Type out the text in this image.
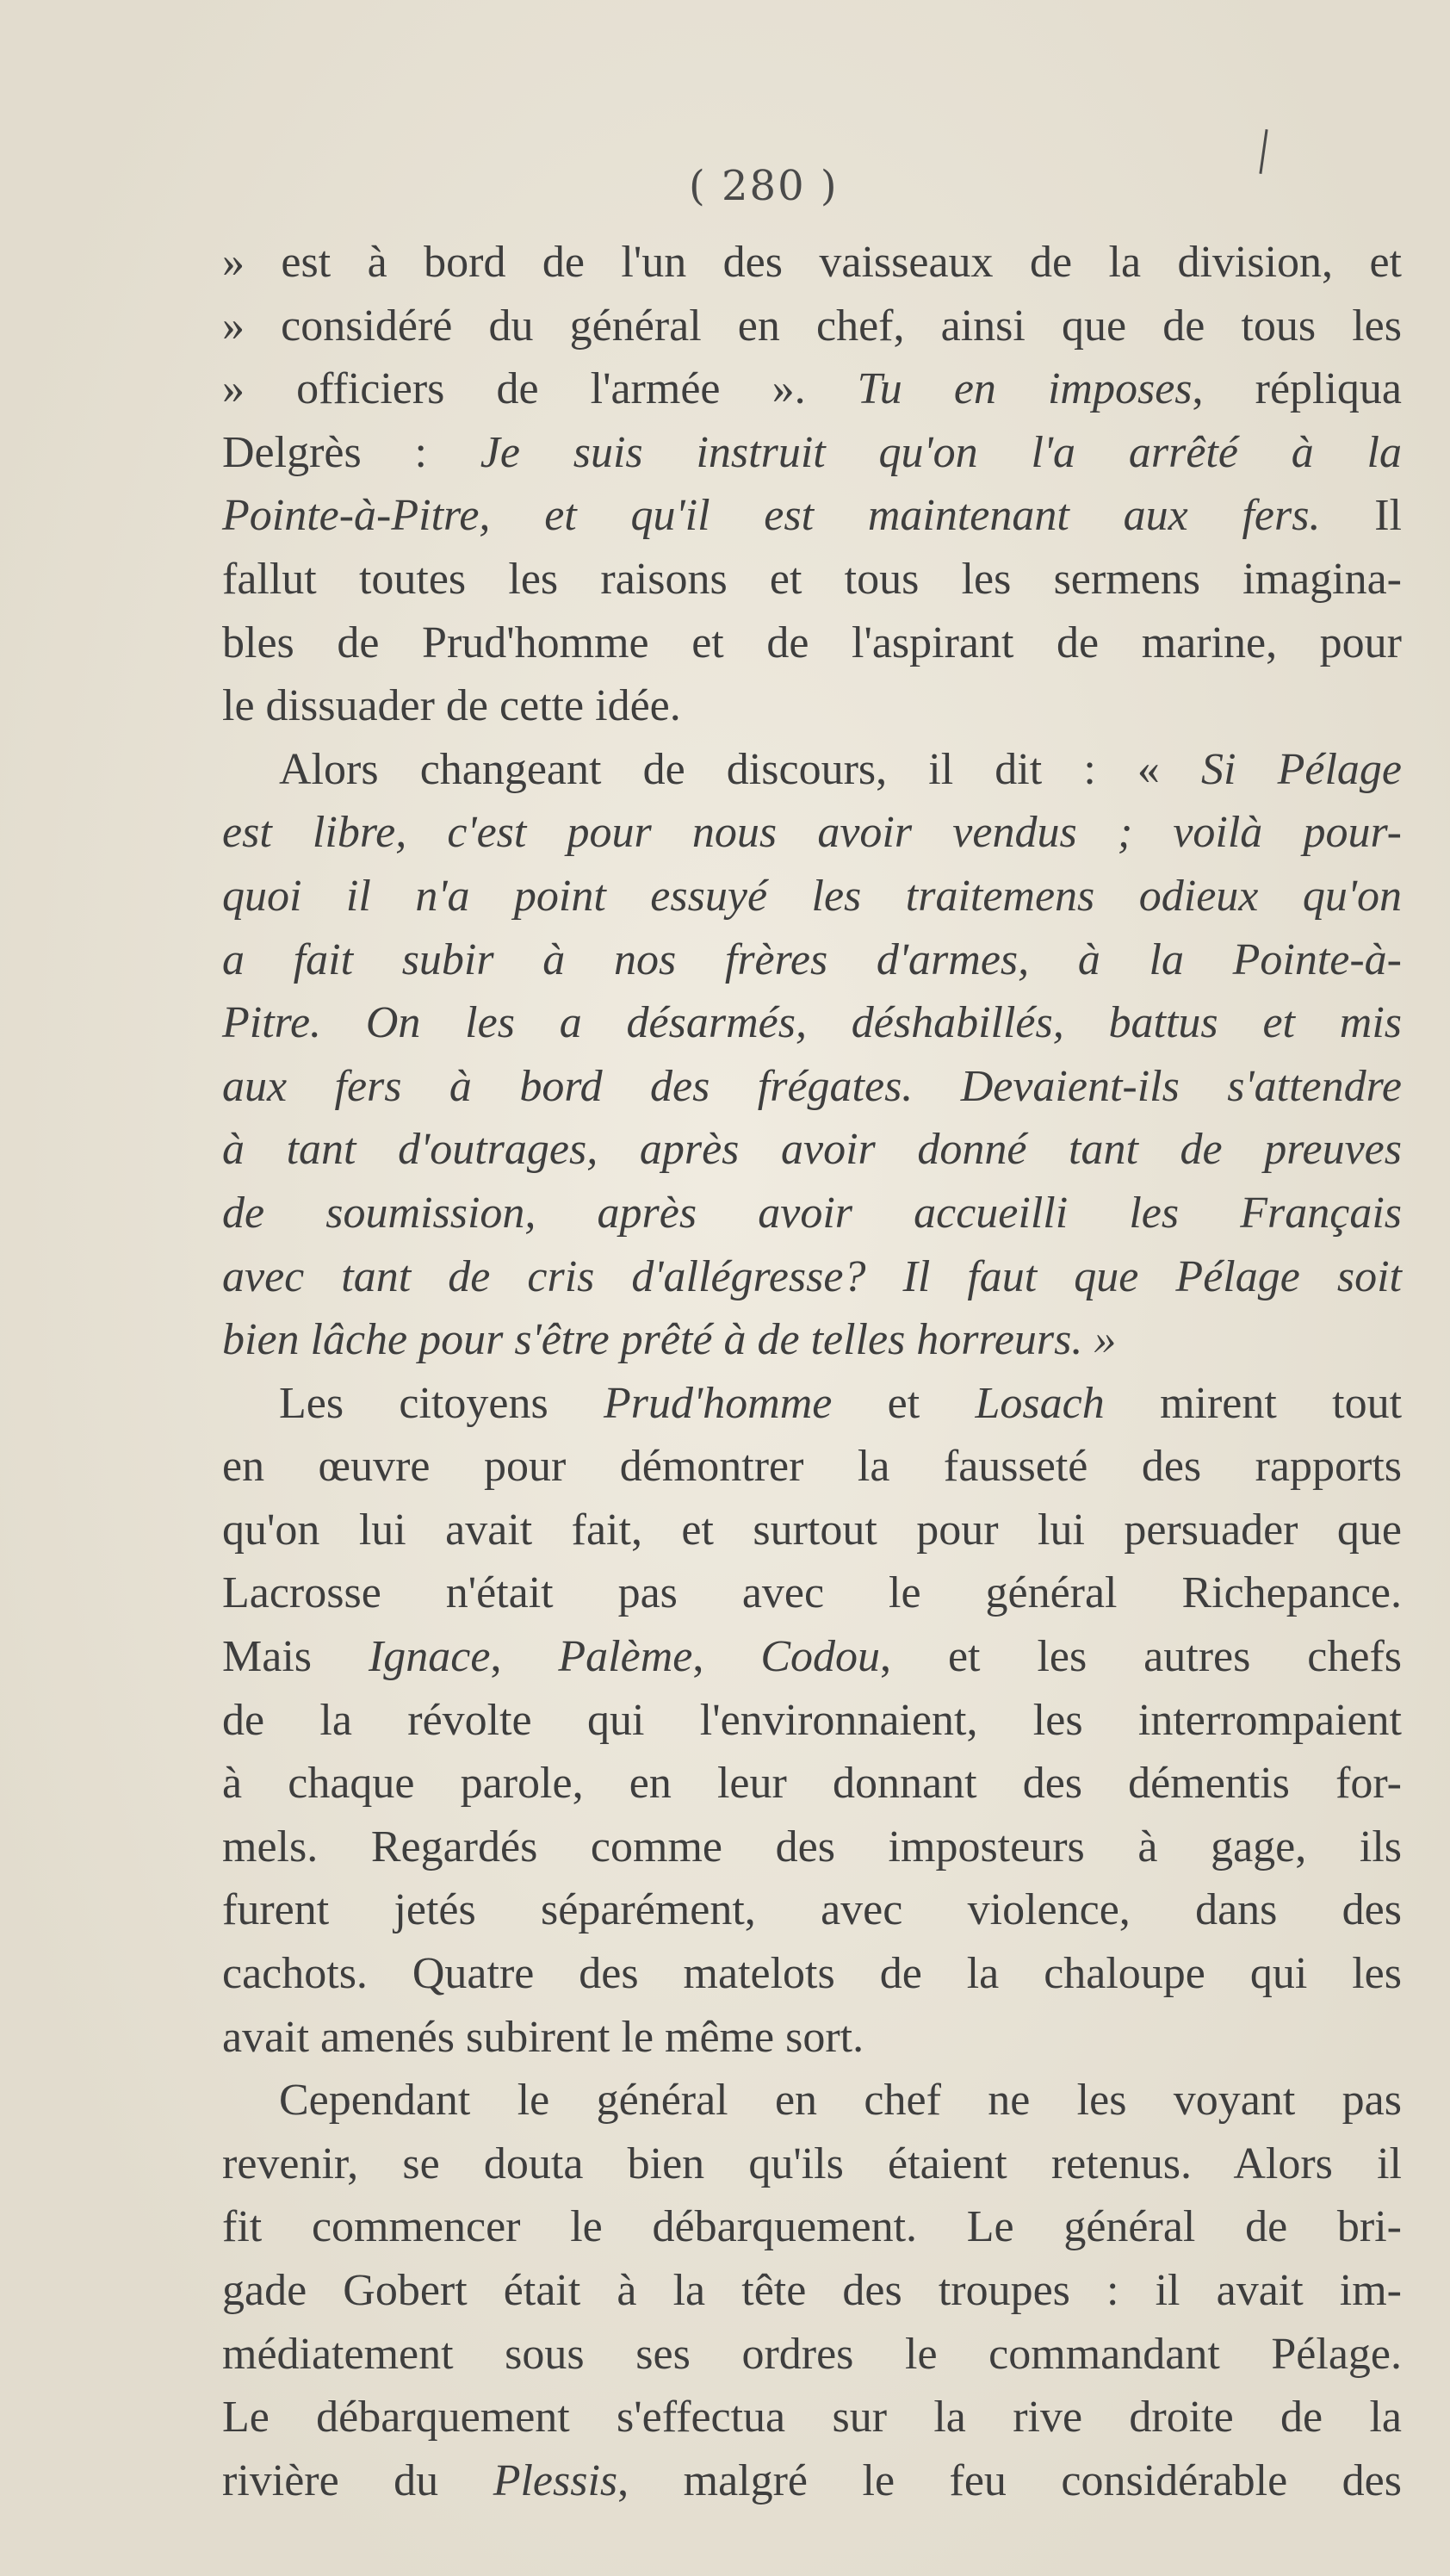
( 280 )
» est à bord de l'un des vaisseaux de la division, et
» considéré du général en chef, ainsi que de tous les
» officiers de l'armée ». Tu en imposes, répliqua
Delgrès : Je suis instruit qu'on l'a arrêté à la
Pointe-à-Pitre, et qu'il est maintenant aux fers. Il
fallut toutes les raisons et tous les sermens imagina-
bles de Prud'homme et de l'aspirant de marine, pour
le dissuader de cette idée.
Alors changeant de discours, il dit : « Si Pélage
est libre, c'est pour nous avoir vendus ; voilà pour-
quoi il n'a point essuyé les traitemens odieux qu'on
a fait subir à nos frères d'armes, à la Pointe-à-
Pitre. On les a désarmés, déshabillés, battus et mis
aux fers à bord des frégates. Devaient-ils s'attendre
à tant d'outrages, après avoir donné tant de preuves
de soumission, après avoir accueilli les Français
avec tant de cris d'allégresse? Il faut que Pélage soit
bien lâche pour s'être prêté à de telles horreurs. »
Les citoyens Prud'homme et Losach mirent tout
en œuvre pour démontrer la fausseté des rapports
qu'on lui avait fait, et surtout pour lui persuader que
Lacrosse n'était pas avec le général Richepance.
Mais Ignace, Palème, Codou, et les autres chefs
de la révolte qui l'environnaient, les interrompaient
à chaque parole, en leur donnant des démentis for-
mels. Regardés comme des imposteurs à gage, ils
furent jetés séparément, avec violence, dans des
cachots. Quatre des matelots de la chaloupe qui les
avait amenés subirent le même sort.
Cependant le général en chef ne les voyant pas
revenir, se douta bien qu'ils étaient retenus. Alors il
fit commencer le débarquement. Le général de bri-
gade Gobert était à la tête des troupes : il avait im-
médiatement sous ses ordres le commandant Pélage.
Le débarquement s'effectua sur la rive droite de la
rivière du Plessis, malgré le feu considérable des
